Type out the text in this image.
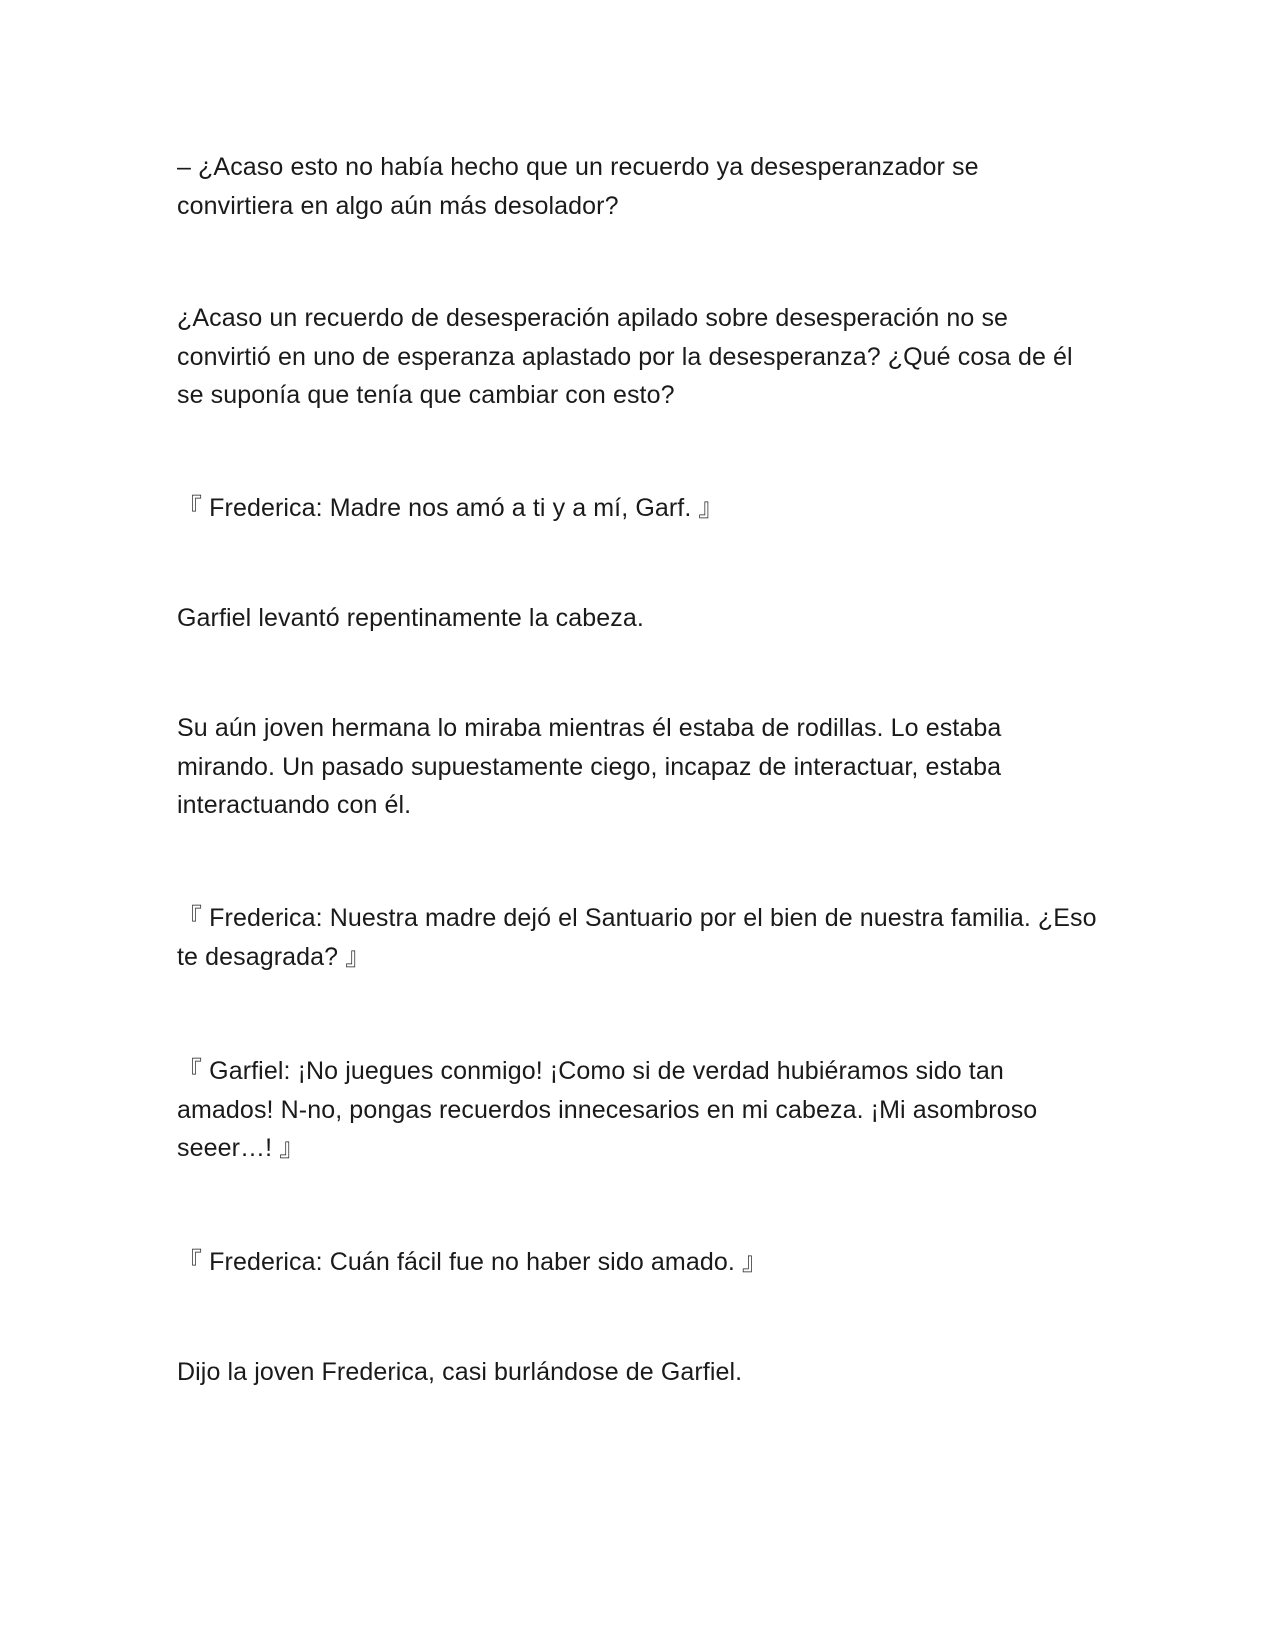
– ¿Acaso esto no había hecho que un recuerdo ya desesperanzador se convirtiera en algo aún más desolador?

¿Acaso un recuerdo de desesperación apilado sobre desesperación no se convirtió en uno de esperanza aplastado por la desesperanza? ¿Qué cosa de él se suponía que tenía que cambiar con esto?

『 Frederica: Madre nos amó a ti y a mí, Garf. 』

Garfiel levantó repentinamente la cabeza.

Su aún joven hermana lo miraba mientras él estaba de rodillas. Lo estaba mirando. Un pasado supuestamente ciego, incapaz de interactuar, estaba interactuando con él.

『 Frederica: Nuestra madre dejó el Santuario por el bien de nuestra familia. ¿Eso te desagrada? 』

『 Garfiel: ¡No juegues conmigo! ¡Como si de verdad hubiéramos sido tan amados! N-no, pongas recuerdos innecesarios en mi cabeza. ¡Mi asombroso seeer…! 』

『 Frederica: Cuán fácil fue no haber sido amado. 』

Dijo la joven Frederica, casi burlándose de Garfiel.
